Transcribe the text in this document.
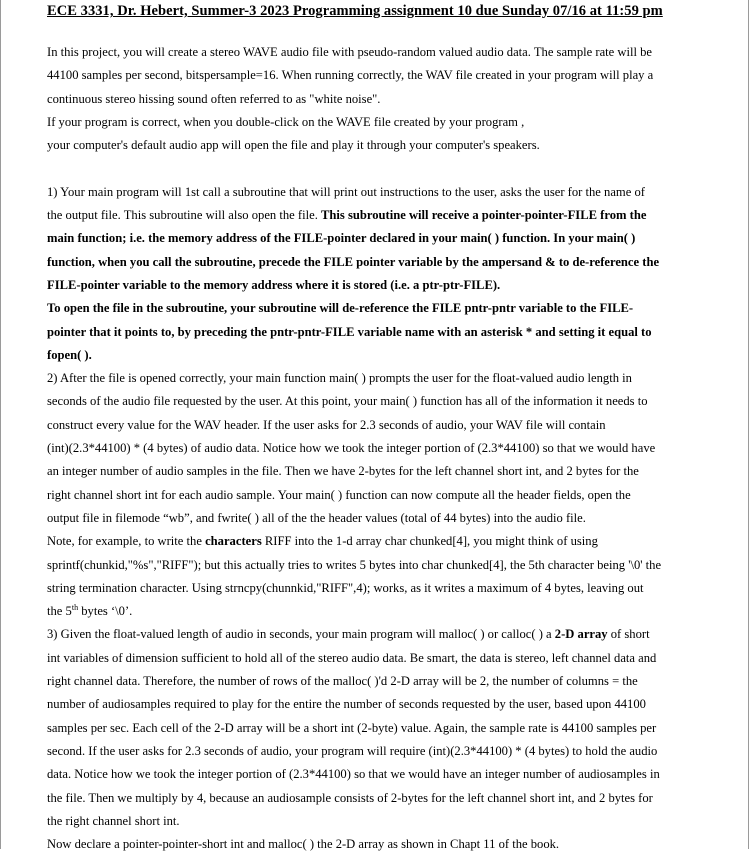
ECE 3331, Dr. Hebert, Summer-3 2023 Programming assignment 10 due Sunday 07/16 at 11:59 pm

In this project, you will create a stereo WAVE audio file with pseudo-random valued audio data. The sample rate will be

44100 samples per second, bitspersample=16. When running correctly, the WAV file created in your program will play a

continuous stereo hissing sound often referred to as "white noise".

If your program is correct, when you double-click on the WAVE file created by your program ,

your computer's default audio app will open the file and play it through your computer's speakers.

1) Your main program will 1st call a subroutine that will print out instructions to the user, asks the user for the name of

the output file. This subroutine will also open the file. This subroutine will receive a pointer-pointer-FILE from the

main function; i.e. the memory address of the FILE-pointer declared in your main( ) function. In your main( )

function, when you call the subroutine, precede the FILE pointer variable by the ampersand & to de-reference the

FILE-pointer variable to the memory address where it is stored (i.e. a ptr-ptr-FILE).

To open the file in the subroutine, your subroutine will de-reference the FILE pntr-pntr variable to the FILE-

pointer that it points to, by preceding the pntr-pntr-FILE variable name with an asterisk * and setting it equal to

fopen( ).

2) After the file is opened correctly, your main function main( ) prompts the user for the float-valued audio length in

seconds of the audio file requested by the user. At this point, your main( ) function has all of the information it needs to

construct every value for the WAV header. If the user asks for 2.3 seconds of audio, your WAV file will contain

(int)(2.3*44100) * (4 bytes) of audio data. Notice how we took the integer portion of (2.3*44100) so that we would have

an integer number of audio samples in the file. Then we have 2-bytes for the left channel short int, and 2 bytes for the

right channel short int for each audio sample. Your main( ) function can now compute all the header fields, open the

output file in filemode “wb”, and fwrite( ) all of the the header values (total of 44 bytes) into the audio file.

Note, for example, to write the characters RIFF into the 1-d array char chunked[4], you might think of using

sprintf(chunkid,"%s","RIFF"); but this actually tries to writes 5 bytes into char chunked[4], the 5th character being '\0' the

string termination character. Using strncpy(chunnkid,"RIFF",4); works, as it writes a maximum of 4 bytes, leaving out

the 5th bytes ‘\0’.

3) Given the float-valued length of audio in seconds, your main program will malloc( ) or calloc( ) a 2-D array of short

int variables of dimension sufficient to hold all of the stereo audio data. Be smart, the data is stereo, left channel data and

right channel data. Therefore, the number of rows of the malloc( )'d 2-D array will be 2, the number of columns = the

number of audiosamples required to play for the entire the number of seconds requested by the user, based upon 44100

samples per sec. Each cell of the 2-D array will be a short int (2-byte) value. Again, the sample rate is 44100 samples per

second. If the user asks for 2.3 seconds of audio, your program will require (int)(2.3*44100) * (4 bytes) to hold the audio

data. Notice how we took the integer portion of (2.3*44100) so that we would have an integer number of audiosamples in

the file. Then we multiply by 4, because an audiosample consists of 2-bytes for the left channel short int, and 2 bytes for

the right channel short int.

Now declare a pointer-pointer-short int and malloc( ) the 2-D array as shown in Chapt 11 of the book.
